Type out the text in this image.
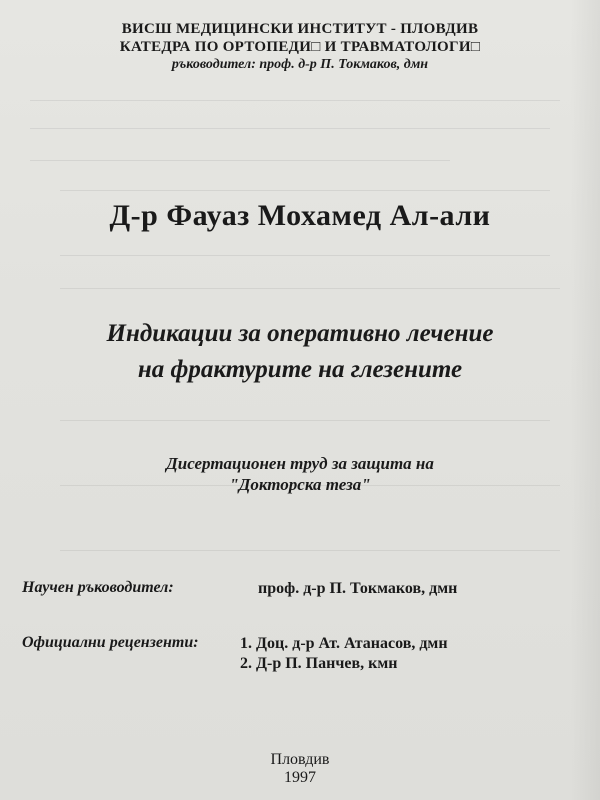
ВИСШ МЕДИЦИНСКИ ИНСТИТУТ - ПЛОВДИВ
КАТЕДРА ПО ОРТОПЕДИ□ И ТРАВМАТОЛОГИ□
ръководител: проф. д-р П. Токмаков, дмн
Д-р Фауаз Мохамед Ал-али
Индикации за оперативно лечение
на фрактурите на глезените
Дисертационен труд за защита на
"Докторска теза"
Научен ръководител:	проф. д-р П. Токмаков, дмн
Официални рецензенти:	1. Доц. д-р Ат. Атанасов, дмн
2. Д-р П. Панчев, кмн
Пловдив
1997
